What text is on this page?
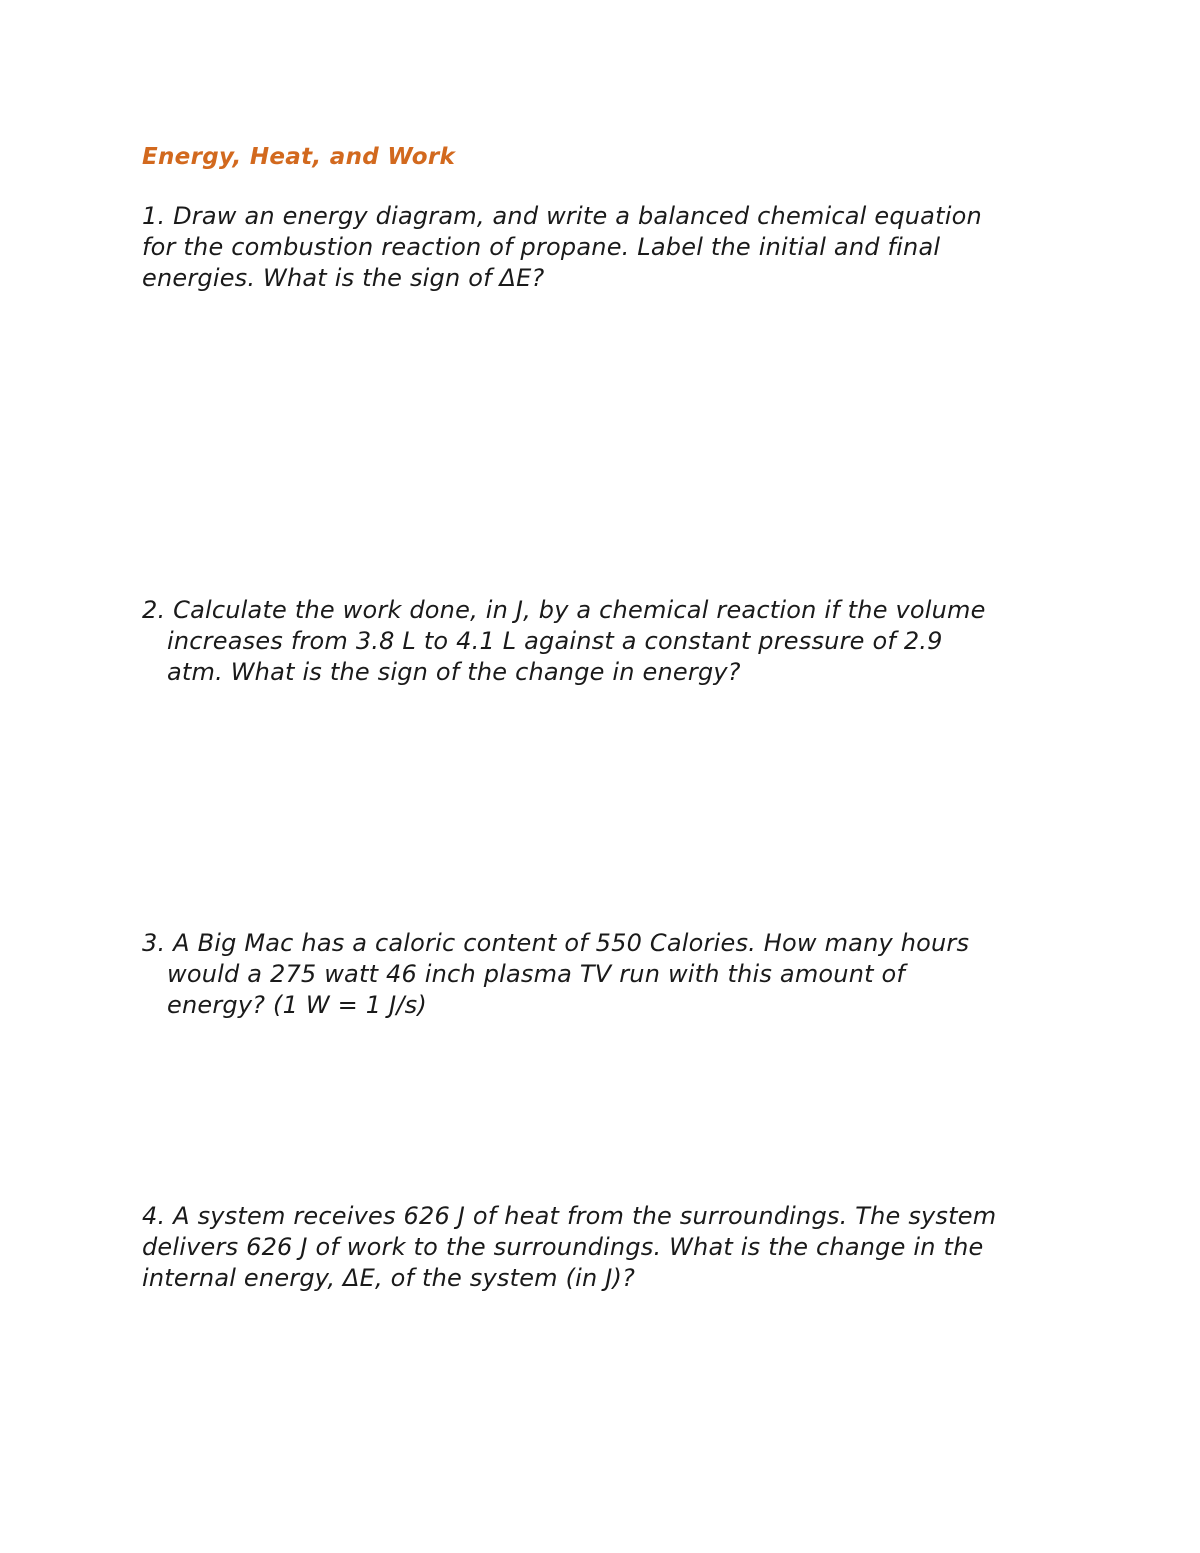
Energy, Heat, and Work
1. Draw an energy diagram, and write a balanced chemical equation
for the combustion reaction of propane. Label the initial and final
energies. What is the sign of ΔE?
2. Calculate the work done, in J, by a chemical reaction if the volume
increases from 3.8 L to 4.1 L against a constant pressure of 2.9
atm. What is the sign of the change in energy?
3. A Big Mac has a caloric content of 550 Calories. How many hours
would a 275 watt 46 inch plasma TV run with this amount of
energy? (1 W = 1 J/s)
4. A system receives 626 J of heat from the surroundings. The system
delivers 626 J of work to the surroundings. What is the change in the
internal energy, ΔE, of the system (in J)?
